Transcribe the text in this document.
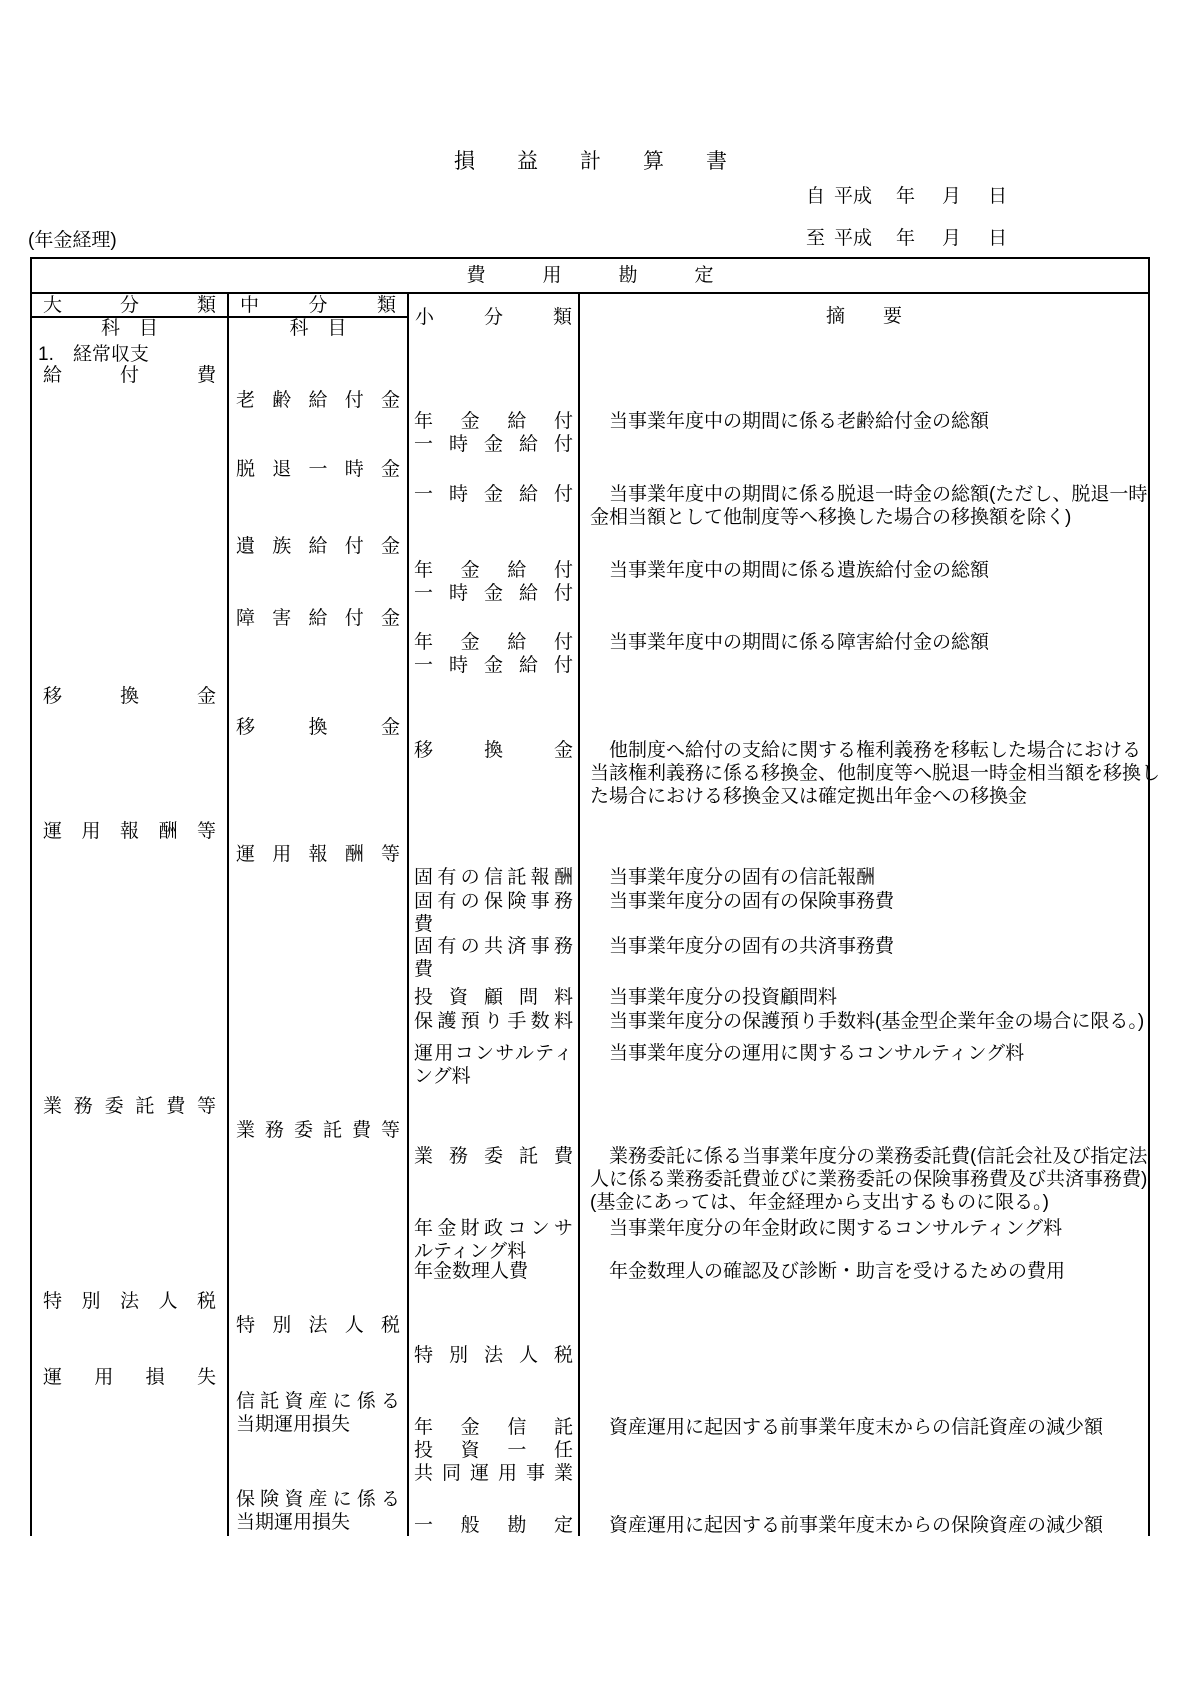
損　　益　　計　　算　　書
自 平成 年 月 日
至 平成 年 月 日
(年金経理)
費　　　用　　　勘　　　定
大分類
科　目
中分類
科　目
小分類	摘　　要
1.　経常収支
給付費
移換金
運用報酬等
業務委託費等
特別法人税
運用損失
老齢給付金
脱退一時金
遺族給付金
障害給付金
移換金
運用報酬等
業務委託費等
特別法人税
信託資産に係る
当期運用損失
保険資産に係る
当期運用損失
年金給付
一時金給付
一時金給付
年金給付
一時金給付
年金給付
一時金給付
移換金
固有の信託報酬
固有の保険事務
費
固有の共済事務
費
投資顧問料
保護預り手数料
運用コンサルティ
ング料
業務委託費
年金財政コンサ
ルティング料
年金数理人費
特別法人税
年金信託
投資一任
共同運用事業
一般勘定
　当事業年度中の期間に係る老齢給付金の総額
　当事業年度中の期間に係る脱退一時金の総額(ただし、脱退一時
金相当額として他制度等へ移換した場合の移換額を除く)
　当事業年度中の期間に係る遺族給付金の総額
　当事業年度中の期間に係る障害給付金の総額
　他制度へ給付の支給に関する権利義務を移転した場合における
当該権利義務に係る移換金、他制度等へ脱退一時金相当額を移換し
た場合における移換金又は確定拠出年金への移換金
　当事業年度分の固有の信託報酬
　当事業年度分の固有の保険事務費
　当事業年度分の固有の共済事務費
　当事業年度分の投資顧問料
　当事業年度分の保護預り手数料(基金型企業年金の場合に限る。)
　当事業年度分の運用に関するコンサルティング料
　業務委託に係る当事業年度分の業務委託費(信託会社及び指定法
人に係る業務委託費並びに業務委託の保険事務費及び共済事務費)
(基金にあっては、年金経理から支出するものに限る。)
　当事業年度分の年金財政に関するコンサルティング料
　年金数理人の確認及び診断・助言を受けるための費用
　資産運用に起因する前事業年度末からの信託資産の減少額
　資産運用に起因する前事業年度末からの保険資産の減少額
